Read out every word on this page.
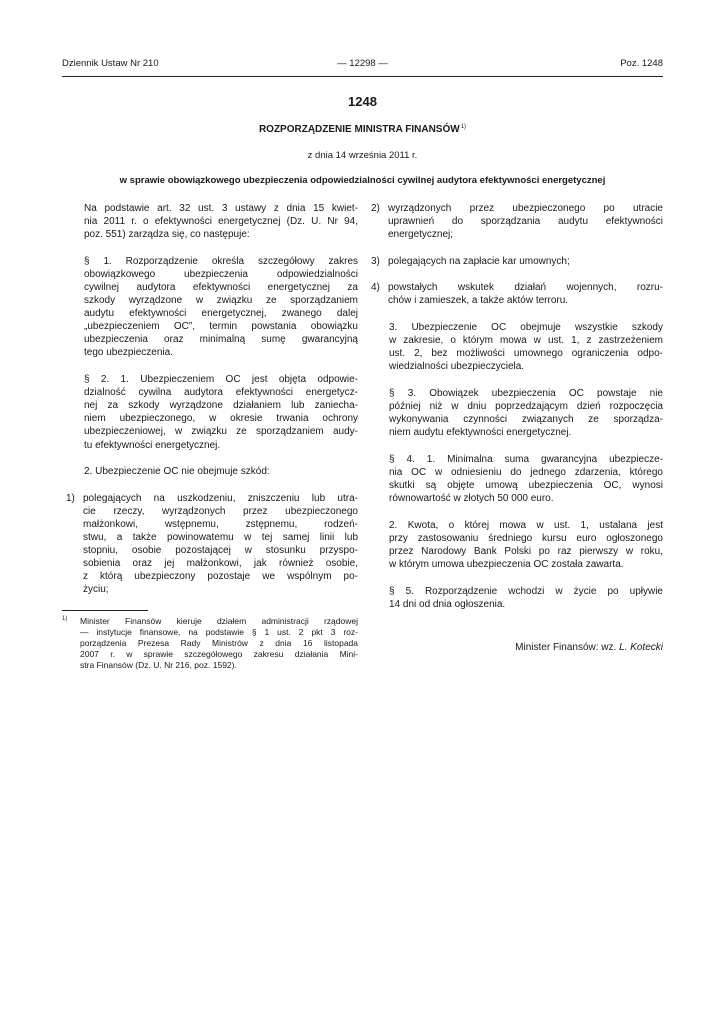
Dziennik Ustaw Nr 210	— 12298 —	Poz. 1248
1248
ROZPORZĄDZENIE MINISTRA FINANSÓW$^{1)}$
z dnia 14 września 2011 r.
w sprawie obowiązkowego ubezpieczenia odpowiedzialności cywilnej audytora efektywności energetycznej
Na podstawie art. 32 ust. 3 ustawy z dnia 15 kwiet-
nia 2011 r. o efektywności energetycznej (Dz. U. Nr 94,
poz. 551) zarządza się, co następuje:
§ 1. Rozporządzenie określa szczegółowy zakres
obowiązkowego ubezpieczenia odpowiedzialności
cywilnej audytora efektywności energetycznej za
szkody wyrządzone w związku ze sporządzaniem
audytu efektywności energetycznej, zwanego dalej
„ubezpieczeniem OC”, termin powstania obowiązku
ubezpieczenia oraz minimalną sumę gwarancyjną
tego ubezpieczenia.
§ 2. 1. Ubezpieczeniem OC jest objęta odpowie-
dzialność cywilna audytora efektywności energetycz-
nej za szkody wyrządzone działaniem lub zaniecha-
niem ubezpieczonego, w okresie trwania ochrony
ubezpieczeniowej, w związku ze sporządzaniem audy-
tu efektywności energetycznej.
2. Ubezpieczenie OC nie obejmuje szkód:
1) polegających na uszkodzeniu, zniszczeniu lub utra-
cie rzeczy, wyrządzonych przez ubezpieczonego
małżonkowi, wstępnemu, zstępnemu, rodzeń-
stwu, a także powinowatemu w tej samej linii lub
stopniu, osobie pozostającej w stosunku przyspo-
sobienia oraz jej małżonkowi, jak również osobie,
z którą ubezpieczony pozostaje we wspólnym po-
życiu;
1) Minister Finansów kieruje działem administracji rządowej
— instytucje finansowe, na podstawie § 1 ust. 2 pkt 3 roz-
porządzenia Prezesa Rady Ministrów z dnia 16 listopada
2007 r. w sprawie szczegółowego zakresu działania Mini-
stra Finansów (Dz. U. Nr 216, poz. 1592).
2) wyrządzonych przez ubezpieczonego po utracie
uprawnień do sporządzania audytu efektywności
energetycznej;
3) polegających na zapłacie kar umownych;
4) powstałych wskutek działań wojennych, rozru-
chów i zamieszek, a także aktów terroru.
3. Ubezpieczenie OC obejmuje wszystkie szkody
w zakresie, o którym mowa w ust. 1, z zastrzeżeniem
ust. 2, bez możliwości umownego ograniczenia odpo-
wiedzialności ubezpieczyciela.
§ 3. Obowiązek ubezpieczenia OC powstaje nie
później niż w dniu poprzedzającym dzień rozpoczęcia
wykonywania czynności związanych ze sporządza-
niem audytu efektywności energetycznej.
§ 4. 1. Minimalna suma gwarancyjna ubezpiecze-
nia OC w odniesieniu do jednego zdarzenia, którego
skutki są objęte umową ubezpieczenia OC, wynosi
równowartość w złotych 50 000 euro.
2. Kwota, o której mowa w ust. 1, ustalana jest
przy zastosowaniu średniego kursu euro ogłoszonego
przez Narodowy Bank Polski po raz pierwszy w roku,
w którym umowa ubezpieczenia OC została zawarta.
§ 5. Rozporządzenie wchodzi w życie po upływie
14 dni od dnia ogłoszenia.
Minister Finansów: wz. L. Kotecki
